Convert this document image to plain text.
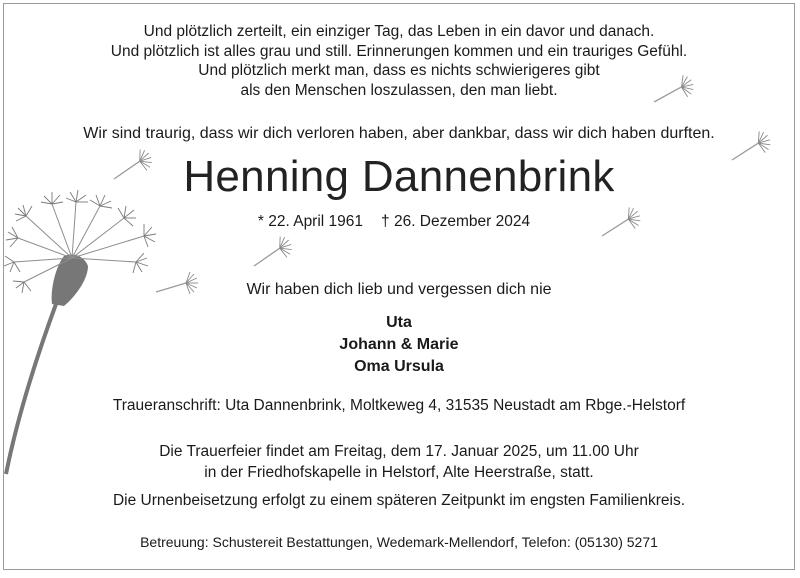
Und plötzlich zerteilt, ein einziger Tag, das Leben in ein davor und danach.
Und plötzlich ist alles grau und still. Erinnerungen kommen und ein trauriges Gefühl.
Und plötzlich merkt man, dass es nichts schwierigeres gibt
als den Menschen loszulassen, den man liebt.
Wir sind traurig, dass wir dich verloren haben, aber dankbar, dass wir dich haben durften.
Henning Dannenbrink
* 22. April 1961 † 26. Dezember 2024
Wir haben dich lieb und vergessen dich nie
Uta
Johann & Marie
Oma Ursula
Traueranschrift: Uta Dannenbrink, Moltkeweg 4, 31535 Neustadt am Rbge.-Helstorf
Die Trauerfeier findet am Freitag, dem 17. Januar 2025, um 11.00 Uhr
in der Friedhofskapelle in Helstorf, Alte Heerstraße, statt.
Die Urnenbeisetzung erfolgt zu einem späteren Zeitpunkt im engsten Familienkreis.
Betreuung: Schustereit Bestattungen, Wedemark-Mellendorf, Telefon: (05130) 5271
